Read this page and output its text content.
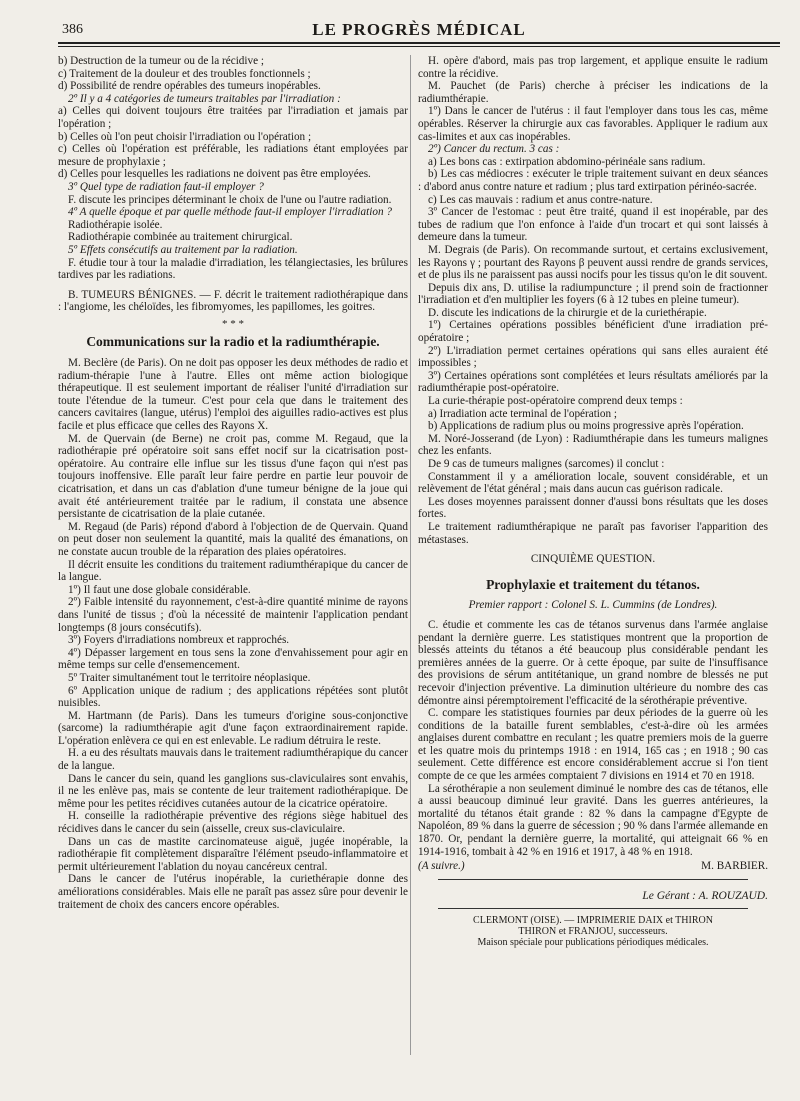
386	LE PROGRÈS MÉDICAL

b) Destruction de la tumeur ou de la récidive ;

c) Traitement de la douleur et des troubles fonctionnels ;

d) Possibilité de rendre opérables des tumeurs inopérables.

2º Il y a 4 catégories de tumeurs traitables par l'irradiation :

a) Celles qui doivent toujours être traitées par l'irradiation et jamais par l'opération ;

b) Celles où l'on peut choisir l'irradiation ou l'opération ;

c) Celles où l'opération est préférable, les radiations étant employées par mesure de prophylaxie ;

d) Celles pour lesquelles les radiations ne doivent pas être employées.

3º Quel type de radiation faut-il employer ?

F. discute les principes déterminant le choix de l'une ou l'autre radiation.

4º A quelle époque et par quelle méthode faut-il employer l'irradiation ?

Radiothérapie isolée.

Radiothérapie combinée au traitement chirurgical.

5º Effets consécutifs au traitement par la radiation.

F. étudie tour à tour la maladie d'irradiation, les télangiectasies, les brûlures tardives par les radiations.

B. TUMEURS BÉNIGNES. — F. décrit le traitement radiothérapique dans : l'angiome, les chéloïdes, les fibromyomes, les papillomes, les goitres.

* * *
Communications sur la radio et la radiumthérapie.

M. Beclère (de Paris). On ne doit pas opposer les deux méthodes de radio et radium-thérapie l'une à l'autre. Elles ont même action biologique thérapeutique. Il est seulement important de réaliser l'unité d'irradiation sur toute l'étendue de la tumeur. C'est pour cela que dans le traitement des cancers cavitaires (langue, utérus) l'emploi des aiguilles radio-actives est plus facile et plus efficace que celles des Rayons X.

M. de Quervain (de Berne) ne croit pas, comme M. Regaud, que la radiothérapie pré opératoire soit sans effet nocif sur la cicatrisation post-opératoire. Au contraire elle influe sur les tissus d'une façon qui n'est pas toujours inoffensive. Elle paraît leur faire perdre en partie leur pouvoir de cicatrisation, et dans un cas d'ablation d'une tumeur bénigne de la joue qui avait été antérieurement traitée par le radium, il constata une absence persistante de cicatrisation de la plaie cutanée.

M. Regaud (de Paris) répond d'abord à l'objection de de Quervain. Quand on peut doser non seulement la quantité, mais la qualité des émanations, on ne constate aucun trouble de la réparation des plaies opératoires.

Il décrit ensuite les conditions du traitement radiumthérapique du cancer de la langue.

1º) Il faut une dose globale considérable.

2º) Faible intensité du rayonnement, c'est-à-dire quantité minime de rayons dans l'unité de tissus ; d'où la nécessité de maintenir l'application pendant longtemps (8 jours consécutifs).

3º) Foyers d'irradiations nombreux et rapprochés.

4º) Dépasser largement en tous sens la zone d'envahissement pour agir en même temps sur celle d'ensemencement.

5º Traiter simultanément tout le territoire néoplasique.

6º Application unique de radium ; des applications répétées sont plutôt nuisibles.

M. Hartmann (de Paris). Dans les tumeurs d'origine sous-conjonctive (sarcome) la radiumthérapie agit d'une façon extraordinairement rapide. L'opération enlèvera ce qui en est enlevable. Le radium détruira le reste.

H. a eu des résultats mauvais dans le traitement radiumthérapique du cancer de la langue.

Dans le cancer du sein, quand les ganglions sus-claviculaires sont envahis, il ne les enlève pas, mais se contente de leur traitement radiothérapique. De même pour les petites récidives cutanées autour de la cicatrice opératoire.

H. conseille la radiothérapie préventive des régions siège habituel des récidives dans le cancer du sein (aisselle, creux sus-claviculaire.

Dans un cas de mastite carcinomateuse aiguë, jugée inopérable, la radiothérapie fit complètement disparaître l'élément pseudo-inflammatoire et permit ultérieurement l'ablation du noyau cancéreux central.

Dans le cancer de l'utérus inopérable, la curiethérapie donne des améliorations considérables. Mais elle ne paraît pas assez sûre pour devenir le traitement de choix des cancers encore opérables.

H. opère d'abord, mais pas trop largement, et applique ensuite le radium contre la récidive.

M. Pauchet (de Paris) cherche à préciser les indications de la radiumthérapie.

1º) Dans le cancer de l'utérus : il faut l'employer dans tous les cas, même opérables. Réserver la chirurgie aux cas favorables. Appliquer le radium aux cas-limites et aux cas inopérables.

2º) Cancer du rectum. 3 cas :

a) Les bons cas : extirpation abdomino-périnéale sans radium.

b) Les cas médiocres : exécuter le triple traitement suivant en deux séances : d'abord anus contre nature et radium ; plus tard extirpation périnéo-sacrée.

c) Les cas mauvais : radium et anus contre-nature.

3º Cancer de l'estomac : peut être traité, quand il est inopérable, par des tubes de radium que l'on enfonce à l'aide d'un trocart et qui sont laissés à demeure dans la tumeur.

M. Degrais (de Paris). On recommande surtout, et certains exclusivement, les Rayons γ ; pourtant des Rayons β peuvent aussi rendre de grands services, et de plus ils ne paraissent pas aussi nocifs pour les tissus qu'on le dit souvent.

Depuis dix ans, D. utilise la radiumpuncture ; il prend soin de fractionner l'irradiation et d'en multiplier les foyers (6 à 12 tubes en pleine tumeur).

D. discute les indications de la chirurgie et de la curiethérapie.

1º) Certaines opérations possibles bénéficient d'une irradiation pré-opératoire ;

2º) L'irradiation permet certaines opérations qui sans elles auraient été impossibles ;

3º) Certaines opérations sont complétées et leurs résultats améliorés par la radiumthérapie post-opératoire.

La curie-thérapie post-opératoire comprend deux temps :

a) Irradiation acte terminal de l'opération ;

b) Applications de radium plus ou moins progressive après l'opération.

M. Noré-Josserand (de Lyon) : Radiumthérapie dans les tumeurs malignes chez les enfants.

De 9 cas de tumeurs malignes (sarcomes) il conclut :

Constamment il y a amélioration locale, souvent considérable, et un relèvement de l'état général ; mais dans aucun cas guérison radicale.

Les doses moyennes paraissent donner d'aussi bons résultats que les doses fortes.

Le traitement radiumthérapique ne paraît pas favoriser l'apparition des métastases.

CINQUIÈME QUESTION.

Prophylaxie et traitement du tétanos.

Premier rapport : Colonel S. L. Cummins (de Londres).

C. étudie et commente les cas de tétanos survenus dans l'armée anglaise pendant la dernière guerre. Les statistiques montrent que la proportion de blessés atteints du tétanos a été beaucoup plus considérable pendant les premières années de la guerre. Or à cette époque, par suite de l'insuffisance des provisions de sérum antitétanique, un grand nombre de blessés ne put recevoir d'injection préventive. La diminution ultérieure du nombre des cas démontre ainsi péremptoirement l'efficacité de la sérothérapie préventive.

C. compare les statistiques fournies par deux périodes de la guerre où les conditions de la bataille furent semblables, c'est-à-dire où les armées anglaises durent combattre en reculant ; les quatre premiers mois de la guerre et les quatre mois du printemps 1918 : en 1914, 165 cas ; en 1918 ; 90 cas seulement. Cette différence est encore considérablement accrue si l'on tient compte de ce que les armées comptaient 7 divisions en 1914 et 70 en 1918.

La sérothérapie a non seulement diminué le nombre des cas de tétanos, elle a aussi beaucoup diminué leur gravité. Dans les guerres antérieures, la mortalité du tétanos était grande : 82 % dans la campagne d'Egypte de Napoléon, 89 % dans la guerre de sécession ; 90 % dans l'armée allemande en 1870. Or, pendant la dernière guerre, la mortalité, qui atteignait 66 % en 1914-1916, tombait à 42 % en 1916 et 1917, à 48 % en 1918.

(A suivre.)	M. BARBIER.
Le Gérant : A. ROUZAUD.
CLERMONT (OISE). — IMPRIMERIE DAIX et THIRON
THIRON et FRANJOU, successeurs.
Maison spéciale pour publications périodiques médicales.
